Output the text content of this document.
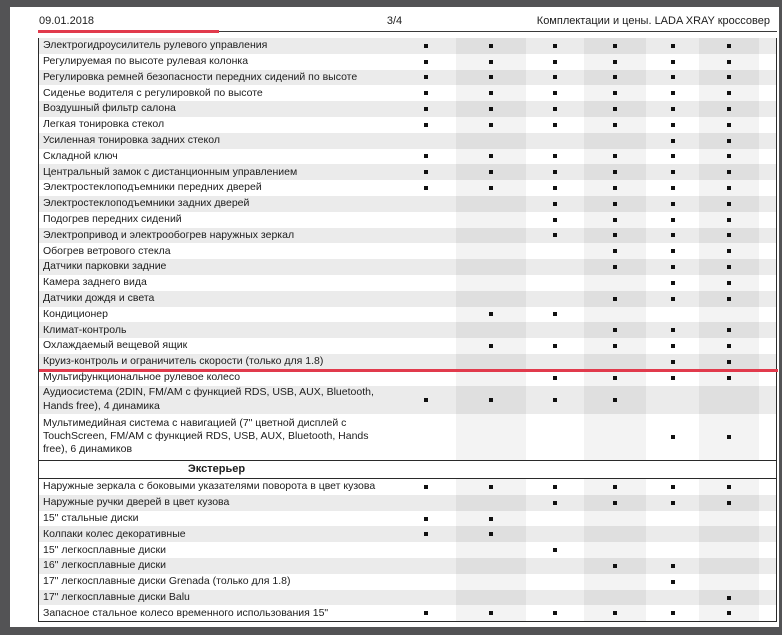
09.01.2018	3/4	Комплектации и цены. LADA XRAY кроссовер
Электрогидроусилитель рулевого управления
Регулируемая по высоте рулевая колонка
Регулировка ремней безопасности передних сидений по высоте
Сиденье водителя с регулировкой по высоте
Воздушный фильтр салона
Легкая тонировка стекол
Усиленная тонировка задних стекол
Складной ключ
Центральный замок с дистанционным управлением
Электростеклоподъемники передних дверей
Электростеклоподъемники задних дверей
Подогрев передних сидений
Электропривод и электрообогрев наружных зеркал
Обогрев ветрового стекла
Датчики парковки задние
Камера заднего вида
Датчики дождя и света
Кондиционер
Климат-контроль
Охлаждаемый вещевой ящик
Круиз-контроль и ограничитель скорости (только для 1.8)
Мультифункциональное рулевое колесо
Аудиосистема (2DIN, FM/AM с функцией RDS, USB, AUX, Bluetooth, Hands free), 4 динамика
Мультимедийная система с навигацией (7" цветной дисплей с TouchScreen, FM/AM с функцией RDS, USB, AUX, Bluetooth, Hands free), 6 динамиков
Экстерьер
Наружные зеркала с боковыми указателями поворота в цвет кузова
Наружные ручки дверей в цвет кузова
15" стальные диски
Колпаки колес декоративные
15" легкосплавные диски
16" легкосплавные диски
17" легкосплавные диски Grenada (только для 1.8)
17" легкосплавные диски Balu
Запасное стальное колесо временного использования 15"
